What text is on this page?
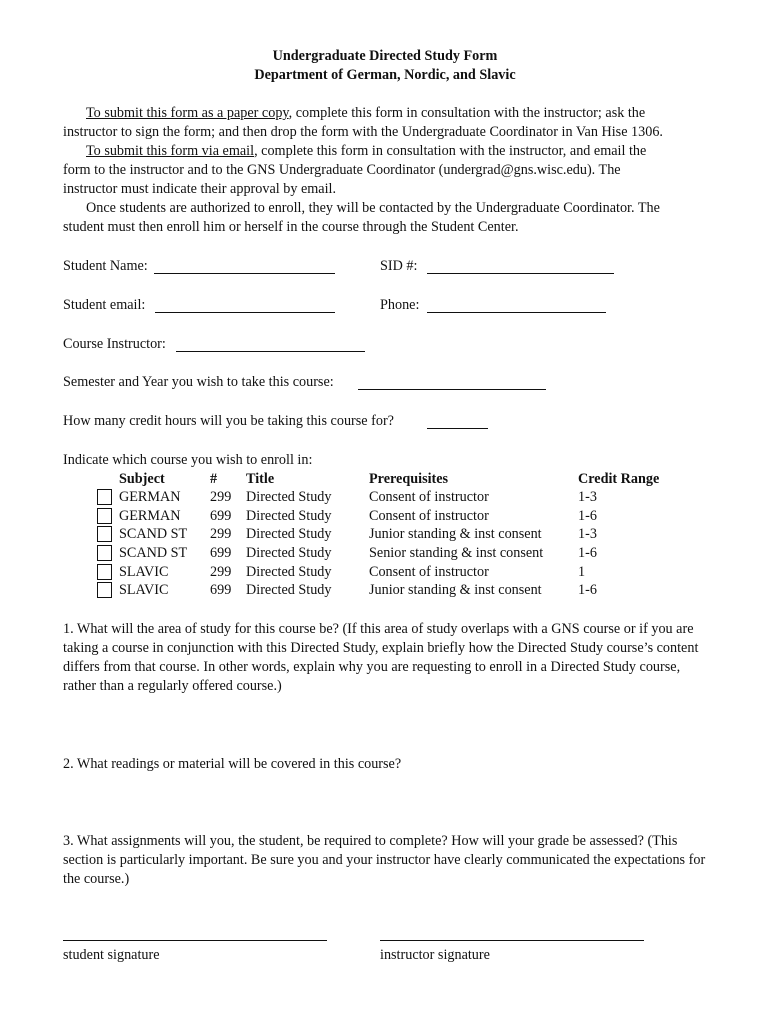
Undergraduate Directed Study Form
Department of German, Nordic, and Slavic
To submit this form as a paper copy, complete this form in consultation with the instructor; ask the
instructor to sign the form; and then drop the form with the Undergraduate Coordinator in Van Hise 1306.
To submit this form via email, complete this form in consultation with the instructor, and email the
form to the instructor and to the GNS Undergraduate Coordinator (undergrad@gns.wisc.edu). The
instructor must indicate their approval by email.
Once students are authorized to enroll, they will be contacted by the Undergraduate Coordinator. The
student must then enroll him or herself in the course through the Student Center.
Student Name:	SID #:
Student email:	Phone:
Course Instructor:
Semester and Year you wish to take this course:
How many credit hours will you be taking this course for?
Indicate which course you wish to enroll in:
Subject	# Title	Prerequisites	Credit Range
GERMAN 299 Directed Study	Consent of instructor	1-3
GERMAN 699 Directed Study	Consent of instructor	1-6
SCAND ST 299 Directed Study	Junior standing & inst consent	1-3
SCAND ST 699 Directed Study	Senior standing & inst consent 1-6
SLAVIC	299 Directed Study	Consent of instructor	1
SLAVIC	699 Directed Study	Junior standing & inst consent	1-6
1. What will the area of study for this course be? (If this area of study overlaps with a GNS course or if you are taking a course in conjunction with this Directed Study, explain briefly how the Directed Study course’s content differs from that course. In other words, explain why you are requesting to enroll in a Directed Study course, rather than a regularly offered course.)
2. What readings or material will be covered in this course?
3. What assignments will you, the student, be required to complete? How will your grade be assessed? (This section is particularly important. Be sure you and your instructor have clearly communicated the expectations for the course.)
student signature	instructor signature
